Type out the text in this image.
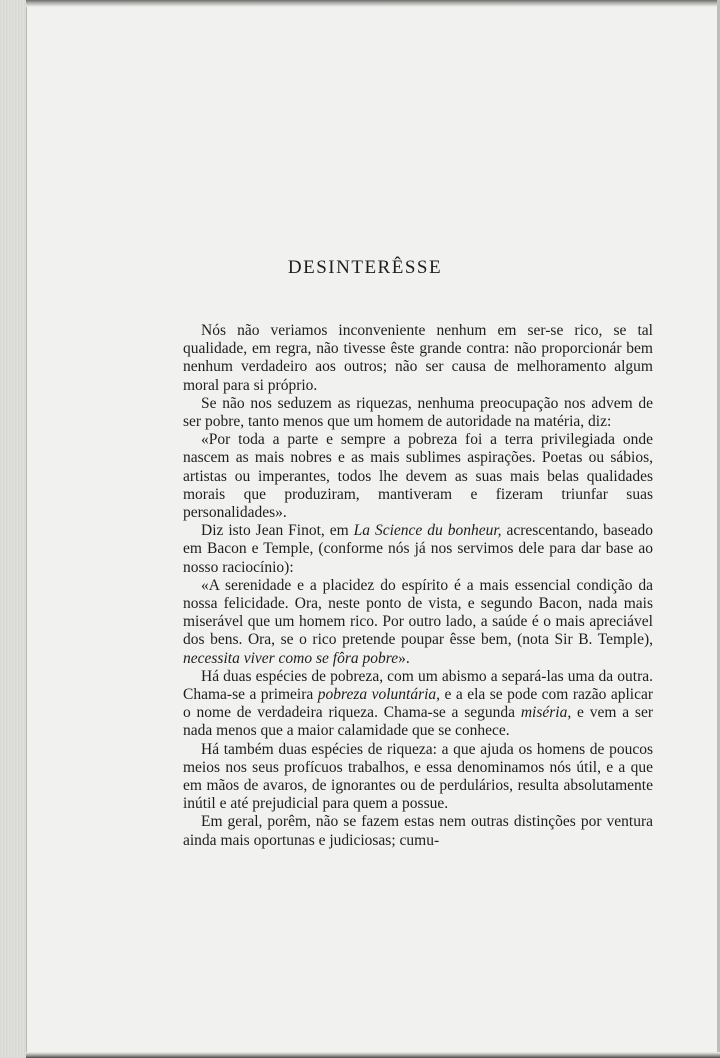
DESINTERÊSSE

Nós não veriamos inconveniente nenhum em ser-se rico, se tal qualidade, em regra, não tivesse êste grande contra: não proporcionár bem nenhum verdadeiro aos outros; não ser causa de melhoramento algum moral para si próprio.

Se não nos seduzem as riquezas, nenhuma preocupação nos advem de ser pobre, tanto menos que um homem de autoridade na matéria, diz:

«Por toda a parte e sempre a pobreza foi a terra privilegiada onde nascem as mais nobres e as mais sublimes aspirações. Poetas ou sábios, artistas ou imperantes, todos lhe devem as suas mais belas qualidades morais que produziram, mantiveram e fizeram triunfar suas personalidades».

Diz isto Jean Finot, em La Science du bonheur, acrescentando, baseado em Bacon e Temple, (conforme nós já nos servimos dele para dar base ao nosso raciocínio):

«A serenidade e a placidez do espírito é a mais essencial condição da nossa felicidade. Ora, neste ponto de vista, e segundo Bacon, nada mais miserável que um homem rico. Por outro lado, a saúde é o mais apreciável dos bens. Ora, se o rico pretende poupar êsse bem, (nota Sir B. Temple), necessita viver como se fôra pobre».

Há duas espécies de pobreza, com um abismo a separá-las uma da outra. Chama-se a primeira pobreza voluntária, e a ela se pode com razão aplicar o nome de verdadeira riqueza. Chama-se a segunda miséria, e vem a ser nada menos que a maior calamidade que se conhece.

Há também duas espécies de riqueza: a que ajuda os homens de poucos meios nos seus profícuos trabalhos, e essa denominamos nós útil, e a que em mãos de avaros, de ignorantes ou de perdulários, resulta absolutamente inútil e até prejudicial para quem a possue.

Em geral, porêm, não se fazem estas nem outras distinções por ventura ainda mais oportunas e judiciosas; cumu-
